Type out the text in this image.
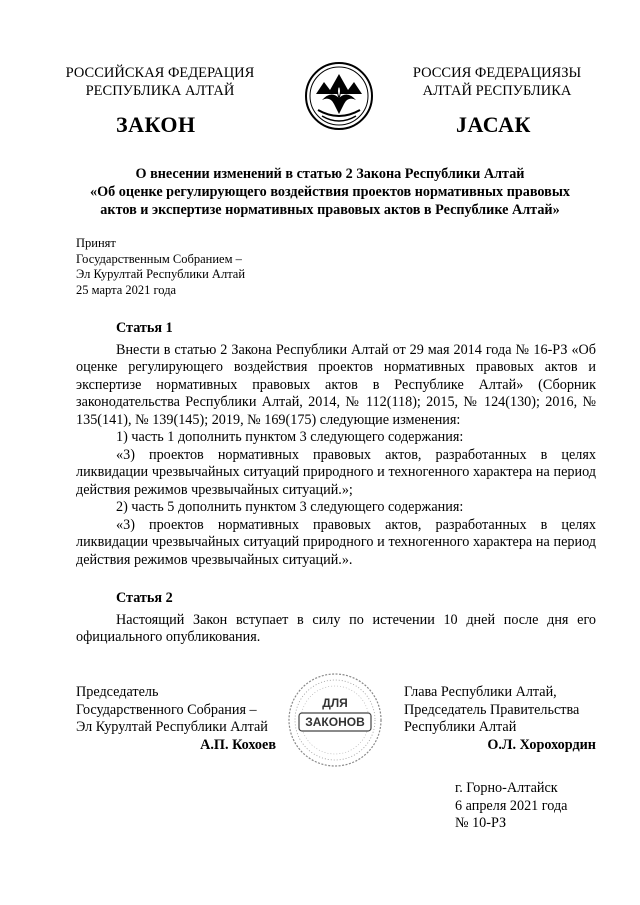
РОССИЙСКАЯ ФЕДЕРАЦИЯ
РЕСПУБЛИКА АЛТАЙ
ЗАКОН
РОССИЯ ФЕДЕРАЦИЯЗЫ
АЛТАЙ РЕСПУБЛИКА
ЈАСАК
О внесении изменений в статью 2 Закона Республики Алтай
«Об оценке регулирующего воздействия проектов нормативных правовых
актов и экспертизе нормативных правовых актов в Республике Алтай»
Принят
Государственным Собранием –
Эл Курултай Республики Алтай
25 марта 2021 года
Статья 1

Внести в статью 2 Закона Республики Алтай от 29 мая 2014 года № 16-РЗ «Об оценке регулирующего воздействия проектов нормативных правовых актов и экспертизе нормативных правовых актов в Республике Алтай» (Сборник законодательства Республики Алтай, 2014, № 112(118); 2015, № 124(130); 2016, № 135(141), № 139(145); 2019, № 169(175) следующие изменения:

1) часть 1 дополнить пунктом 3 следующего содержания:

«3) проектов нормативных правовых актов, разработанных в целях ликвидации чрезвычайных ситуаций природного и техногенного характера на период действия режимов чрезвычайных ситуаций.»;

2) часть 5 дополнить пунктом 3 следующего содержания:

«3) проектов нормативных правовых актов, разработанных в целях ликвидации чрезвычайных ситуаций природного и техногенного характера на период действия режимов чрезвычайных ситуаций.».

Статья 2

Настоящий Закон вступает в силу по истечении 10 дней после дня его официального опубликования.

Председатель
Государственного Собрания –
Эл Курултай Республики Алтай
А.П. Кохоев
ДЛЯ
ЗАКОНОВ
Глава Республики Алтай,
Председатель Правительства
Республики Алтай
О.Л. Хорохордин
г. Горно-Алтайск
6 апреля 2021 года
№ 10-РЗ
